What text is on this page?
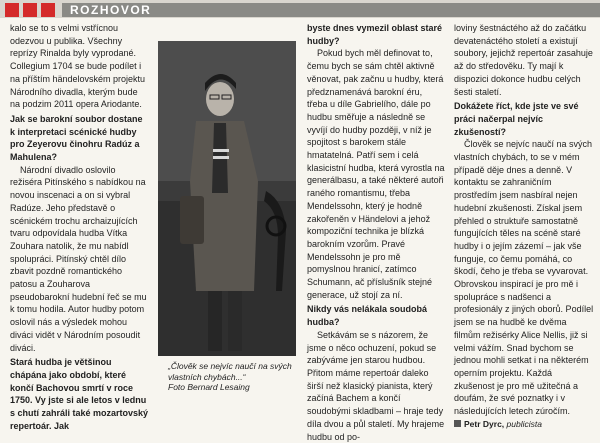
ROZHOVOR

kalo se to s velmi vstřícnou odezvou u publika. Všechny reprízy Rinalda byly vyprodané. Collegium 1704 se bude podílet i na příštím händelovském projektu Národního divadla, kterým bude na podzim 2011 opera Ariodante.

Jak se barokní soubor dostane k interpretaci scénické hudby pro Zeyerovu činohru Radúz a Mahulena?

Národní divadlo oslovilo režiséra Pitínského s nabídkou na novou inscenaci a on si vybral Radúze. Jeho představě o scénickém trochu archaizujících tvaru odpovídala hudba Vítka Zouhara natolik, že mu nabídl spolupráci. Pitínský chtěl dílo zbavit pozdně romantického patosu a Zouharova pseudobarokní hudební řeč se mu k tomu hodila. Autor hudby potom oslovil nás a výsledek mohou diváci vidět v Národním posoudit diváci.

Stará hudba je většinou chápána jako období, které končí Bachovou smrtí v roce 1750. Vy jste si ale letos v lednu s chutí zahráli také mozartovský repertoár. Jak

„Člověk se nejvíc naučí na svých vlastních chybách...“
Foto Bernard Lesaing

byste dnes vymezil oblast staré hudby?

Pokud bych měl definovat to, čemu bych se sám chtěl aktivně věnovat, pak začnu u hudby, která předznamenává barokní éru, třeba u díle Gabrielího, dále po hudbu směřuje a následně se vyvíjí do hudby později, v níž je spojitost s barokem stále hmatatelná. Patří sem i celá klasicistní hudba, která vyrostla na generálbasu, a také některé autoři raného romantismu, třeba Mendelssohn, který je hodně zakořeněn v Händelovi a jehož kompoziční technika je blízká barokním vzorům. Pravé Mendelssohn je pro mě pomyslnou hranicí, zatímco Schumann, ač příslušník stejné generace, už stojí za ní.

Nikdy vás nelákala soudobá hudba?

Setkávám se s názorem, že jsme o něco ochuzení, pokud se zabýváme jen starou hudbou. Přitom máme repertoár daleko širší než klasický pianista, který začíná Bachem a končí soudobými skladbami – hraje tedy díla dvou a půl staletí. My hrajeme hudbu od po-

loviny šestnáctého až do začátku devatenáctého století a existují soubory, jejichž repertoár zasahuje až do středověku. Ty mají k dispozici dokonce hudbu celých šesti staletí.

Dokážete říct, kde jste ve své práci načerpal nejvíc zkušeností?

Člověk se nejvíc naučí na svých vlastních chybách, to se v mém případě děje dnes a denně. V kontaktu se zahraničním prostředím jsem nasbíral nejen hudební zkušenosti. Získal jsem přehled o struktuře samostatně fungujících těles na scéně staré hudby i o jejím zázemí – jak vše funguje, co čemu pomáhá, co škodí, čeho je třeba se vyvarovat. Obrovskou inspirací je pro mě i spolupráce s nadšenci a profesionály z jiných oborů. Podílel jsem se na hudbě ke dvěma filmům režisérky Alice Nellis, již si velmi vážím. Snad bychom se jednou mohli setkat i na některém operním projektu. Každá zkušenost je pro mě užitečná a doufám, že své poznatky i v následujících letech zúročím.

Petr Dyrc, publicista
